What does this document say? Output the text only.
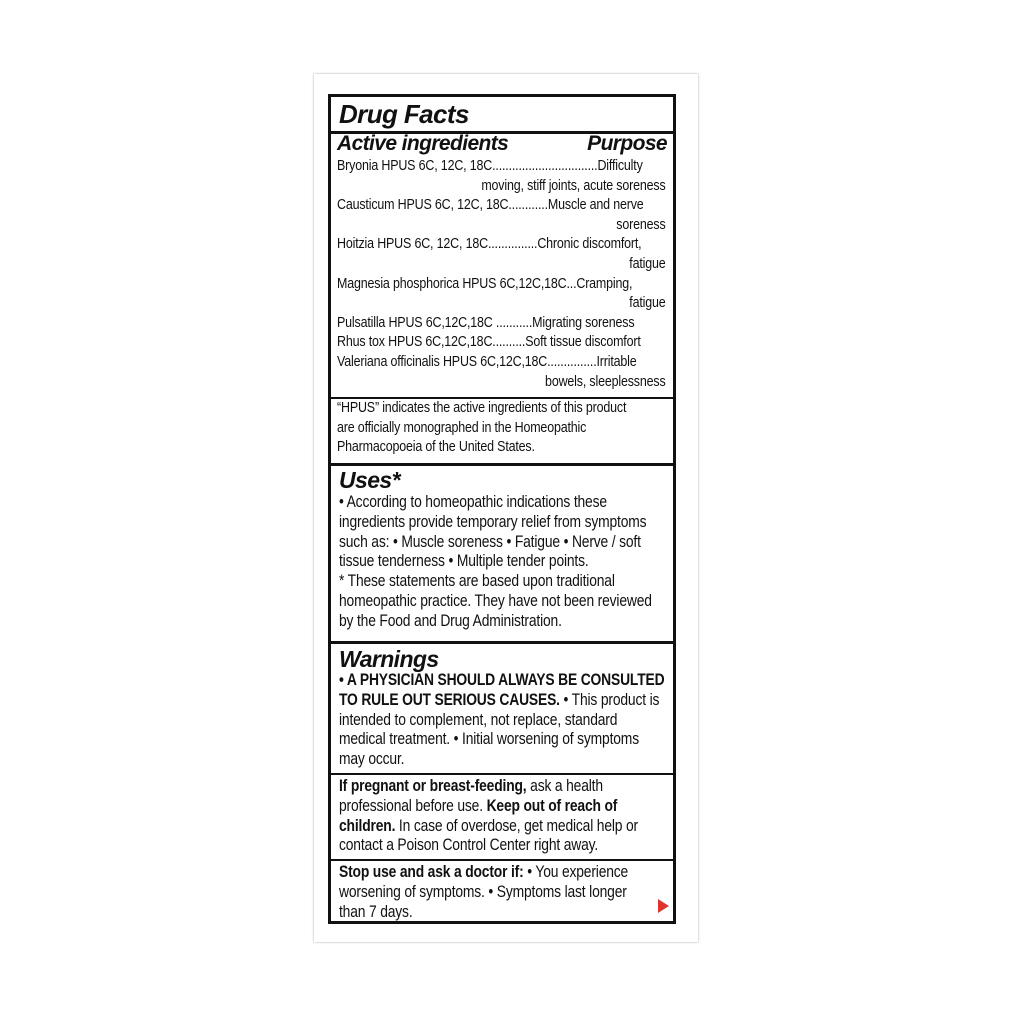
Drug Facts
Active ingredients	Purpose
Bryonia HPUS 6C, 12C, 18C................................Difficulty
moving, stiff joints, acute soreness
Causticum HPUS 6C, 12C, 18C............Muscle and nerve
soreness
Hoitzia HPUS 6C, 12C, 18C...............Chronic discomfort,
fatigue
Magnesia phosphorica HPUS 6C,12C,18C...Cramping,
fatigue
Pulsatilla HPUS 6C,12C,18C ...........Migrating soreness
Rhus tox HPUS 6C,12C,18C..........Soft tissue discomfort
Valeriana officinalis HPUS 6C,12C,18C...............Irritable
bowels, sleeplessness
“HPUS” indicates the active ingredients of this product
are officially monographed in the Homeopathic
Pharmacopoeia of the United States.
Uses*
• According to homeopathic indications these
ingredients provide temporary relief from symptoms
such as: • Muscle soreness • Fatigue • Nerve / soft
tissue tenderness • Multiple tender points.
* These statements are based upon traditional
homeopathic practice. They have not been reviewed
by the Food and Drug Administration.
Warnings
• A PHYSICIAN SHOULD ALWAYS BE CONSULTED
TO RULE OUT SERIOUS CAUSES. • This product is
intended to complement, not replace, standard
medical treatment. • Initial worsening of symptoms
may occur.
If pregnant or breast-feeding, ask a health
professional before use. Keep out of reach of
children. In case of overdose, get medical help or
contact a Poison Control Center right away.
Stop use and ask a doctor if: • You experience
worsening of symptoms. • Symptoms last longer
than 7 days.
